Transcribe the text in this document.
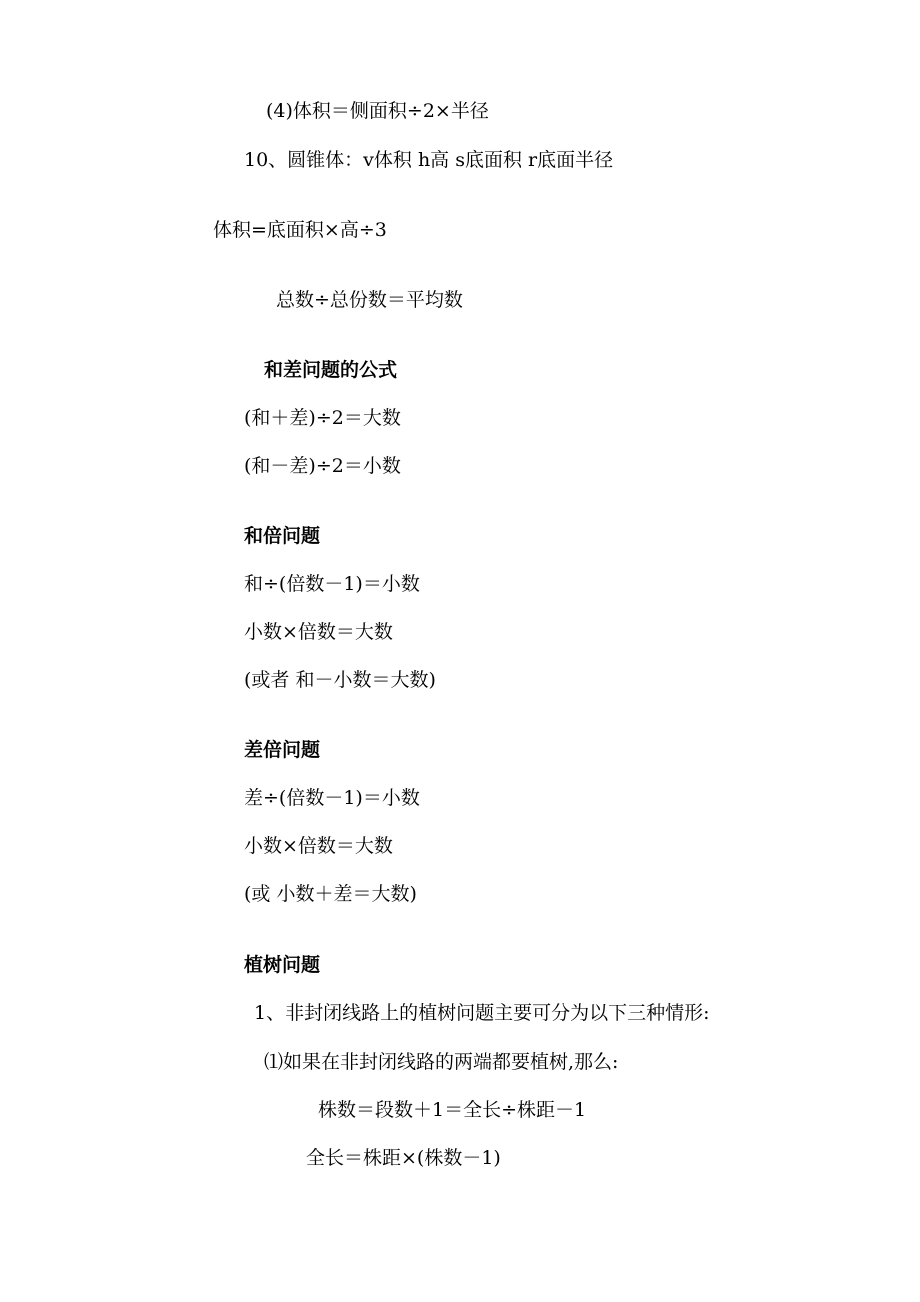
(4)体积＝侧面积÷2×半径
10、圆锥体：v体积 h高 s底面积 r底面半径
体积=底面积×高÷3
总数÷总份数＝平均数
和差问题的公式
(和＋差)÷2＝大数
(和－差)÷2＝小数
和倍问题
和÷(倍数－1)＝小数
小数×倍数＝大数
(或者 和－小数＝大数)
差倍问题
差÷(倍数－1)＝小数
小数×倍数＝大数
(或 小数＋差＝大数)
植树问题
1、非封闭线路上的植树问题主要可分为以下三种情形:
⑴如果在非封闭线路的两端都要植树,那么:
株数＝段数＋1＝全长÷株距－1
全长＝株距×(株数－1)
